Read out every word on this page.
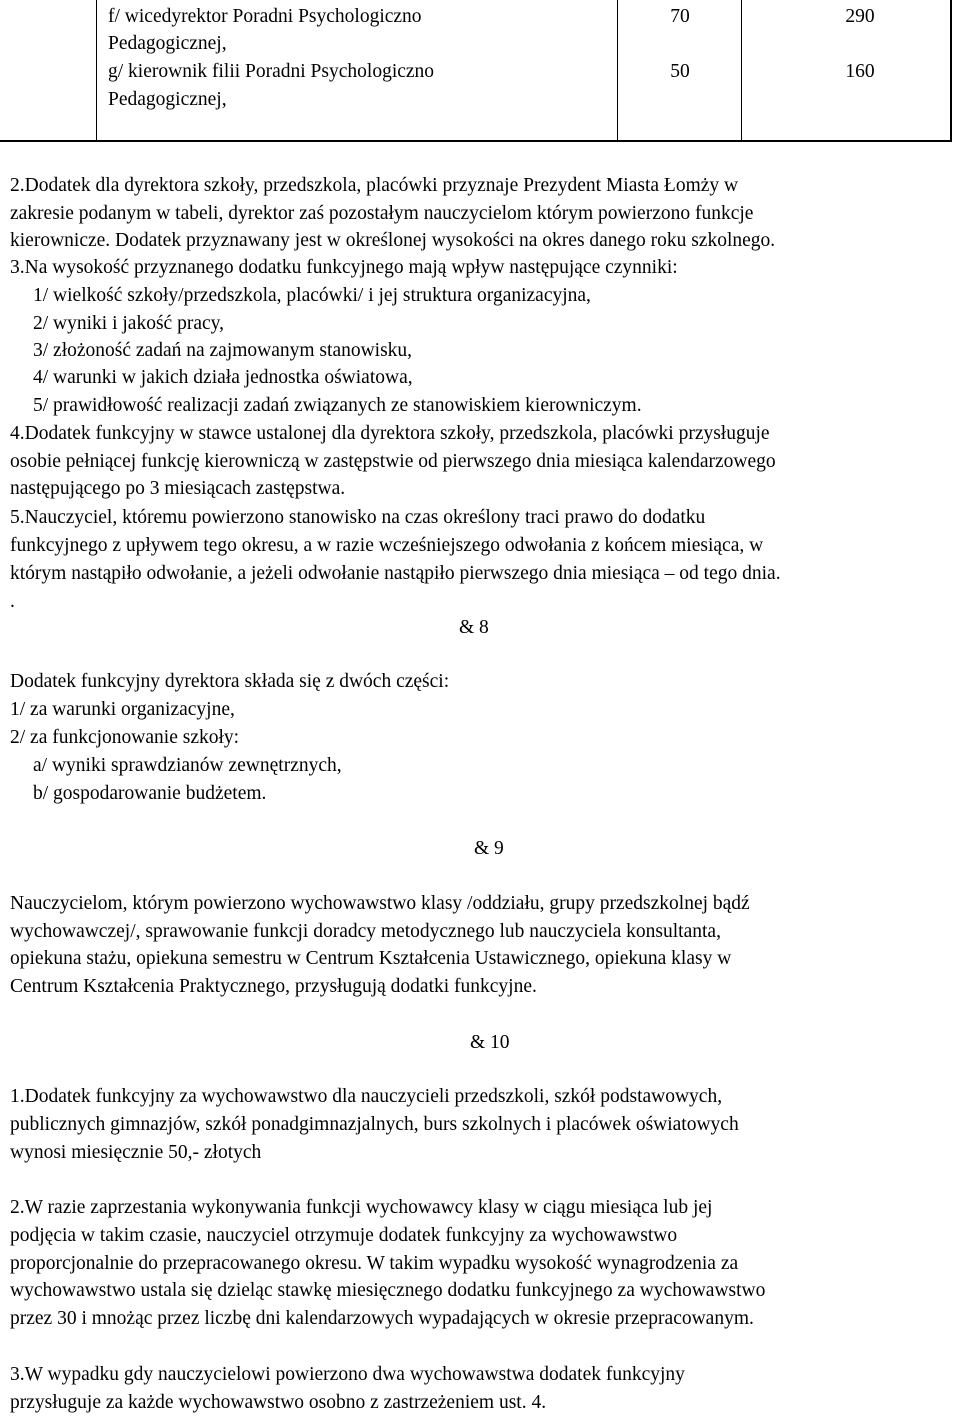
f/ wicedyrektor Poradni Psychologiczno
Pedagogicznej,
g/ kierownik filii Poradni Psychologiczno
Pedagogicznej,
70	290
50	160
2.Dodatek dla dyrektora szkoły, przedszkola, placówki przyznaje Prezydent Miasta Łomży w
zakresie podanym w tabeli, dyrektor zaś pozostałym nauczycielom którym powierzono funkcje
kierownicze. Dodatek przyznawany jest w określonej wysokości na okres danego roku szkolnego.
3.Na wysokość przyznanego dodatku funkcyjnego mają wpływ następujące czynniki:
1/ wielkość szkoły/przedszkola, placówki/ i jej struktura organizacyjna,
2/ wyniki i jakość pracy,
3/ złożoność zadań na zajmowanym stanowisku,
4/ warunki w jakich działa jednostka oświatowa,
5/ prawidłowość realizacji zadań związanych ze stanowiskiem kierowniczym.
4.Dodatek funkcyjny w stawce ustalonej dla dyrektora szkoły, przedszkola, placówki przysługuje
osobie pełniącej funkcję kierowniczą w zastępstwie od pierwszego dnia miesiąca kalendarzowego
następującego po 3 miesiącach zastępstwa.
5.Nauczyciel, któremu powierzono stanowisko na czas określony traci prawo do dodatku
funkcyjnego z upływem tego okresu, a w razie wcześniejszego odwołania z końcem miesiąca, w
którym nastąpiło odwołanie, a jeżeli odwołanie nastąpiło pierwszego dnia miesiąca – od tego dnia.
.
& 8
Dodatek funkcyjny dyrektora składa się z dwóch części:
1/ za warunki organizacyjne,
2/ za funkcjonowanie szkoły:
a/ wyniki sprawdzianów zewnętrznych,
b/ gospodarowanie budżetem.
& 9
Nauczycielom, którym powierzono wychowawstwo klasy /oddziału, grupy przedszkolnej bądź
wychowawczej/, sprawowanie funkcji doradcy metodycznego lub nauczyciela konsultanta,
opiekuna stażu, opiekuna semestru w Centrum Kształcenia Ustawicznego, opiekuna klasy w
Centrum Kształcenia Praktycznego, przysługują dodatki funkcyjne.
& 10
1.Dodatek funkcyjny za wychowawstwo dla nauczycieli przedszkoli, szkół podstawowych,
publicznych gimnazjów, szkół ponadgimnazjalnych, burs szkolnych i placówek oświatowych
wynosi miesięcznie 50,- złotych
2.W razie zaprzestania wykonywania funkcji wychowawcy klasy w ciągu miesiąca lub jej
podjęcia w takim czasie, nauczyciel otrzymuje dodatek funkcyjny za wychowawstwo
proporcjonalnie do przepracowanego okresu. W takim wypadku wysokość wynagrodzenia za
wychowawstwo ustala się dzieląc stawkę miesięcznego dodatku funkcyjnego za wychowawstwo
przez 30 i mnożąc przez liczbę dni kalendarzowych wypadających w okresie przepracowanym.
3.W wypadku gdy nauczycielowi powierzono dwa wychowawstwa dodatek funkcyjny
przysługuje za każde wychowawstwo osobno z zastrzeżeniem ust. 4.
